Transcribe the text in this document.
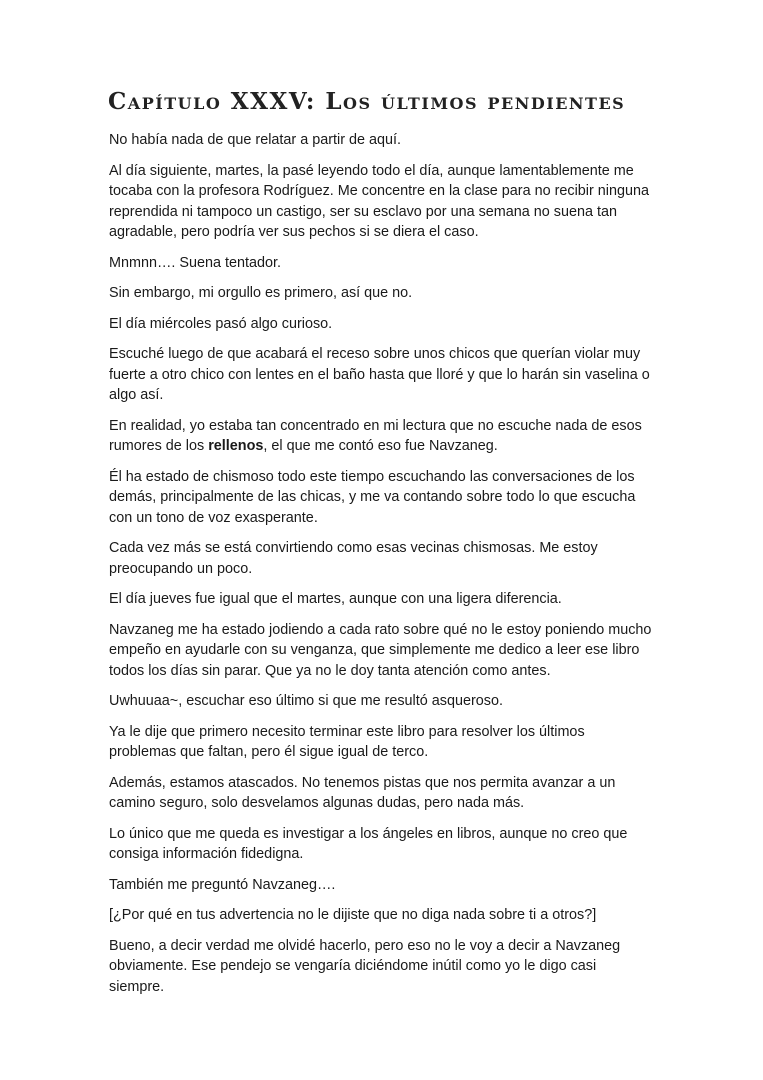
Capítulo XXXV: Los últimos pendientes

No había nada de que relatar a partir de aquí.

Al día siguiente, martes, la pasé leyendo todo el día, aunque lamentablemente me tocaba con la profesora Rodríguez. Me concentre en la clase para no recibir ninguna reprendida ni tampoco un castigo, ser su esclavo por una semana no suena tan agradable, pero podría ver sus pechos si se diera el caso.

Mnmnn…. Suena tentador.

Sin embargo, mi orgullo es primero, así que no.

El día miércoles pasó algo curioso.

Escuché luego de que acabará el receso sobre unos chicos que querían violar muy fuerte a otro chico con lentes en el baño hasta que lloré y que lo harán sin vaselina o algo así.

En realidad, yo estaba tan concentrado en mi lectura que no escuche nada de esos rumores de los rellenos, el que me contó eso fue Navzaneg.

Él ha estado de chismoso todo este tiempo escuchando las conversaciones de los demás, principalmente de las chicas, y me va contando sobre todo lo que escucha con un tono de voz exasperante.

Cada vez más se está convirtiendo como esas vecinas chismosas. Me estoy preocupando un poco.

El día jueves fue igual que el martes, aunque con una ligera diferencia.

Navzaneg me ha estado jodiendo a cada rato sobre qué no le estoy poniendo mucho empeño en ayudarle con su venganza, que simplemente me dedico a leer ese libro todos los días sin parar. Que ya no le doy tanta atención como antes.

Uwhuuaa~, escuchar eso último si que me resultó asqueroso.

Ya le dije que primero necesito terminar este libro para resolver los últimos problemas que faltan, pero él sigue igual de terco.

Además, estamos atascados. No tenemos pistas que nos permita avanzar a un camino seguro, solo desvelamos algunas dudas, pero nada más.

Lo único que me queda es investigar a los ángeles en libros, aunque no creo que consiga información fidedigna.

También me preguntó Navzaneg….

[¿Por qué en tus advertencia no le dijiste que no diga nada sobre ti a otros?]

Bueno, a decir verdad me olvidé hacerlo, pero eso no le voy a decir a Navzaneg obviamente. Ese pendejo se vengaría diciéndome inútil como yo le digo casi siempre.
